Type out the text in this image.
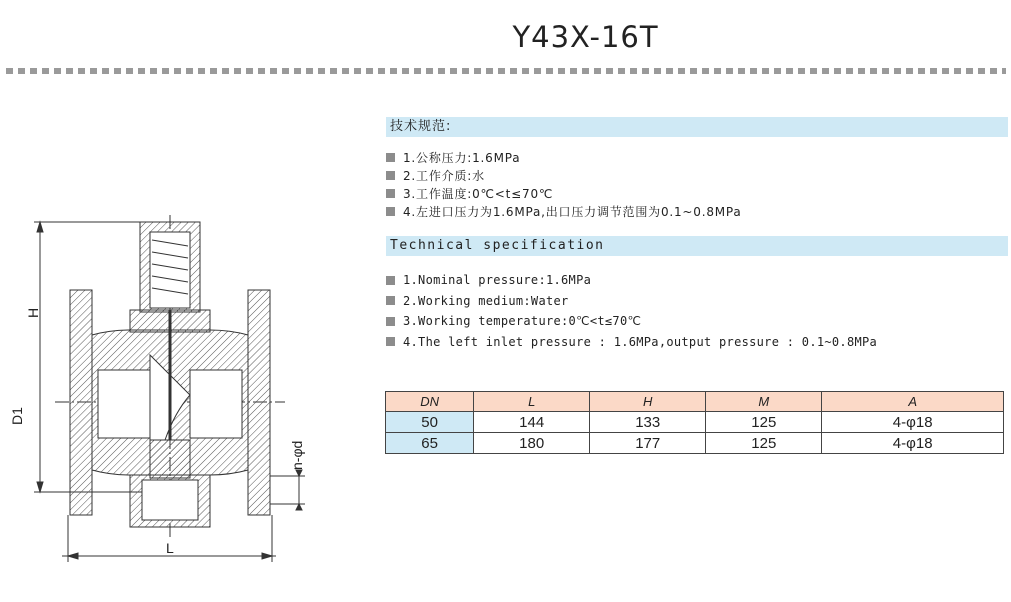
Y43X-16T
H
D1
L
n-φd
技术规范:
1.公称压力:1.6MPa
2.工作介质:水
3.工作温度:0℃<t≤70℃
4.左进口压力为1.6MPa,出口压力调节范围为0.1~0.8MPa
Technical specification
1.Nominal pressure:1.6MPa
2.Working medium:Water
3.Working temperature:0℃<t≤70℃
4.The left inlet pressure : 1.6MPa,output pressure : 0.1~0.8MPa
DN	L	H	M	A
50	144	133	125	4-φ18
65	180	177	125	4-φ18
